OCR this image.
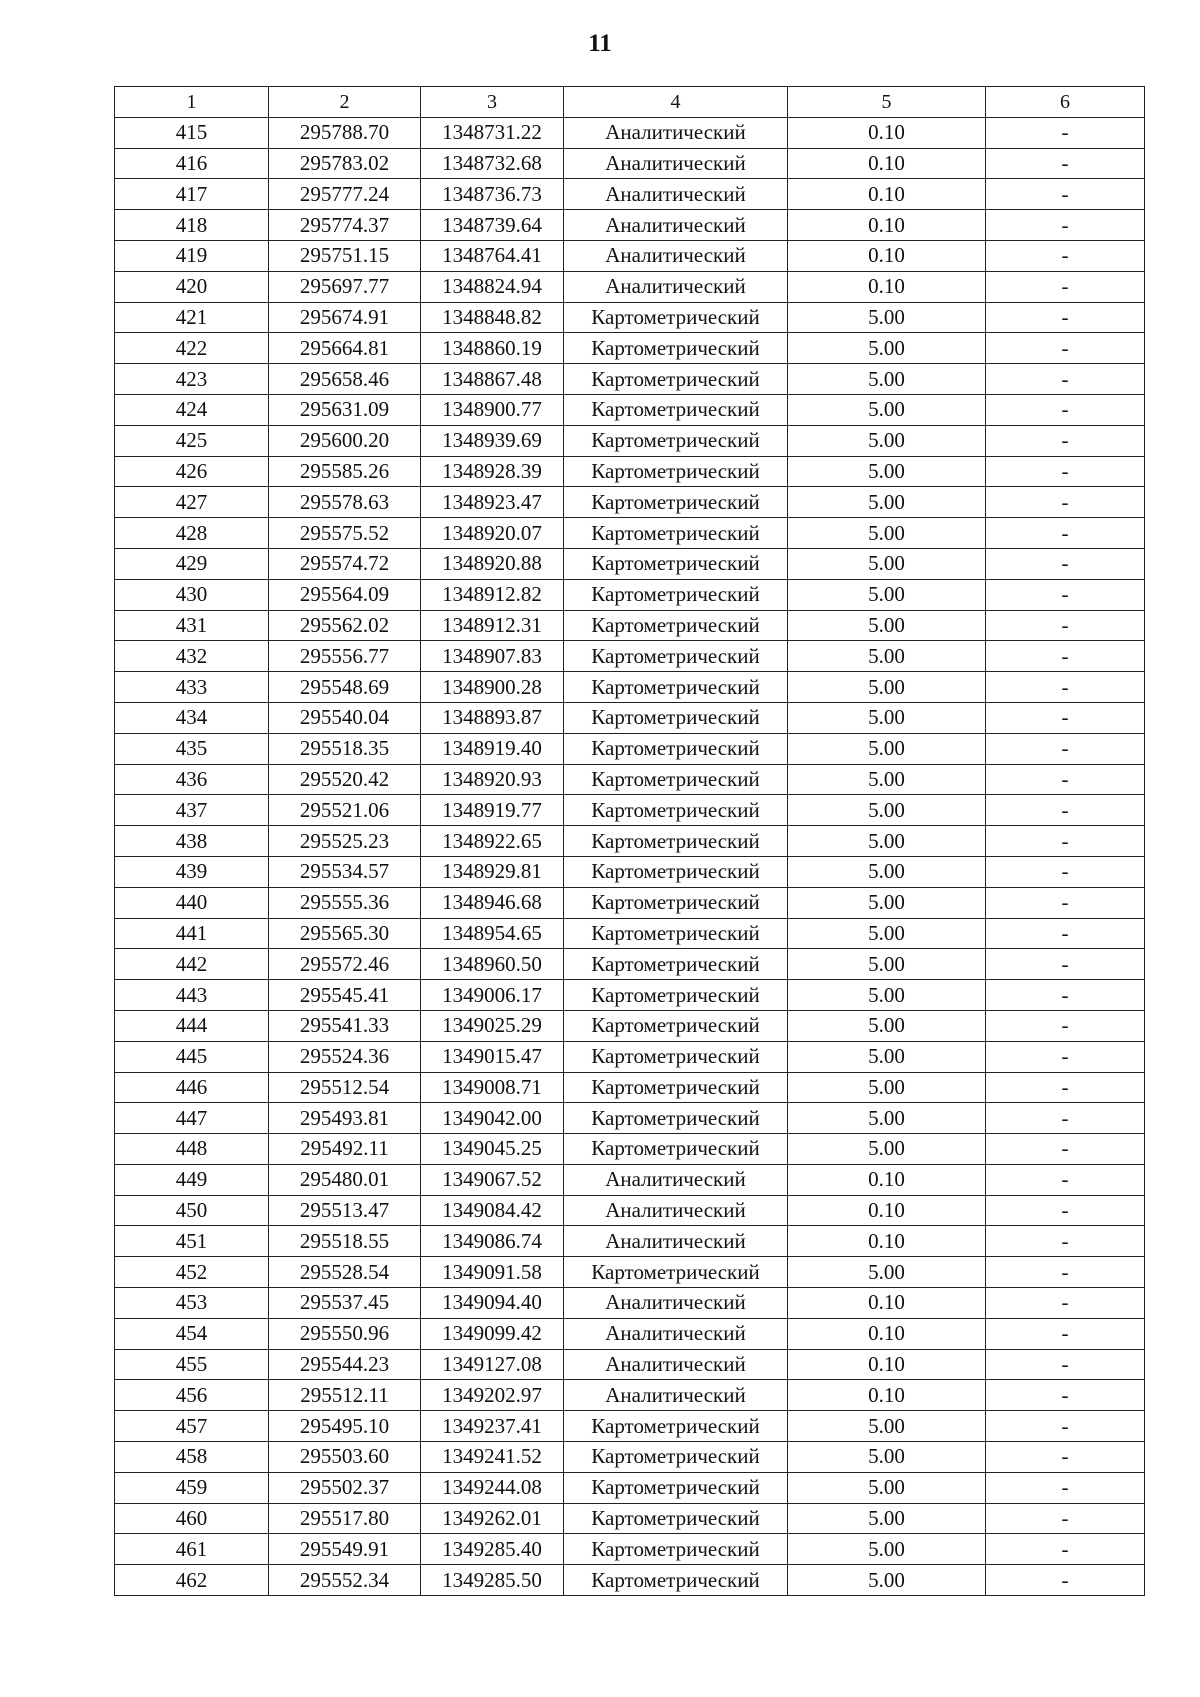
11
1	2	3	4	5	6
415	295788.70	1348731.22	Аналитический	0.10	-
416	295783.02	1348732.68	Аналитический	0.10	-
417	295777.24	1348736.73	Аналитический	0.10	-
418	295774.37	1348739.64	Аналитический	0.10	-
419	295751.15	1348764.41	Аналитический	0.10	-
420	295697.77	1348824.94	Аналитический	0.10	-
421	295674.91	1348848.82	Картометрический	5.00	-
422	295664.81	1348860.19	Картометрический	5.00	-
423	295658.46	1348867.48	Картометрический	5.00	-
424	295631.09	1348900.77	Картометрический	5.00	-
425	295600.20	1348939.69	Картометрический	5.00	-
426	295585.26	1348928.39	Картометрический	5.00	-
427	295578.63	1348923.47	Картометрический	5.00	-
428	295575.52	1348920.07	Картометрический	5.00	-
429	295574.72	1348920.88	Картометрический	5.00	-
430	295564.09	1348912.82	Картометрический	5.00	-
431	295562.02	1348912.31	Картометрический	5.00	-
432	295556.77	1348907.83	Картометрический	5.00	-
433	295548.69	1348900.28	Картометрический	5.00	-
434	295540.04	1348893.87	Картометрический	5.00	-
435	295518.35	1348919.40	Картометрический	5.00	-
436	295520.42	1348920.93	Картометрический	5.00	-
437	295521.06	1348919.77	Картометрический	5.00	-
438	295525.23	1348922.65	Картометрический	5.00	-
439	295534.57	1348929.81	Картометрический	5.00	-
440	295555.36	1348946.68	Картометрический	5.00	-
441	295565.30	1348954.65	Картометрический	5.00	-
442	295572.46	1348960.50	Картометрический	5.00	-
443	295545.41	1349006.17	Картометрический	5.00	-
444	295541.33	1349025.29	Картометрический	5.00	-
445	295524.36	1349015.47	Картометрический	5.00	-
446	295512.54	1349008.71	Картометрический	5.00	-
447	295493.81	1349042.00	Картометрический	5.00	-
448	295492.11	1349045.25	Картометрический	5.00	-
449	295480.01	1349067.52	Аналитический	0.10	-
450	295513.47	1349084.42	Аналитический	0.10	-
451	295518.55	1349086.74	Аналитический	0.10	-
452	295528.54	1349091.58	Картометрический	5.00	-
453	295537.45	1349094.40	Аналитический	0.10	-
454	295550.96	1349099.42	Аналитический	0.10	-
455	295544.23	1349127.08	Аналитический	0.10	-
456	295512.11	1349202.97	Аналитический	0.10	-
457	295495.10	1349237.41	Картометрический	5.00	-
458	295503.60	1349241.52	Картометрический	5.00	-
459	295502.37	1349244.08	Картометрический	5.00	-
460	295517.80	1349262.01	Картометрический	5.00	-
461	295549.91	1349285.40	Картометрический	5.00	-
462	295552.34	1349285.50	Картометрический	5.00	-
